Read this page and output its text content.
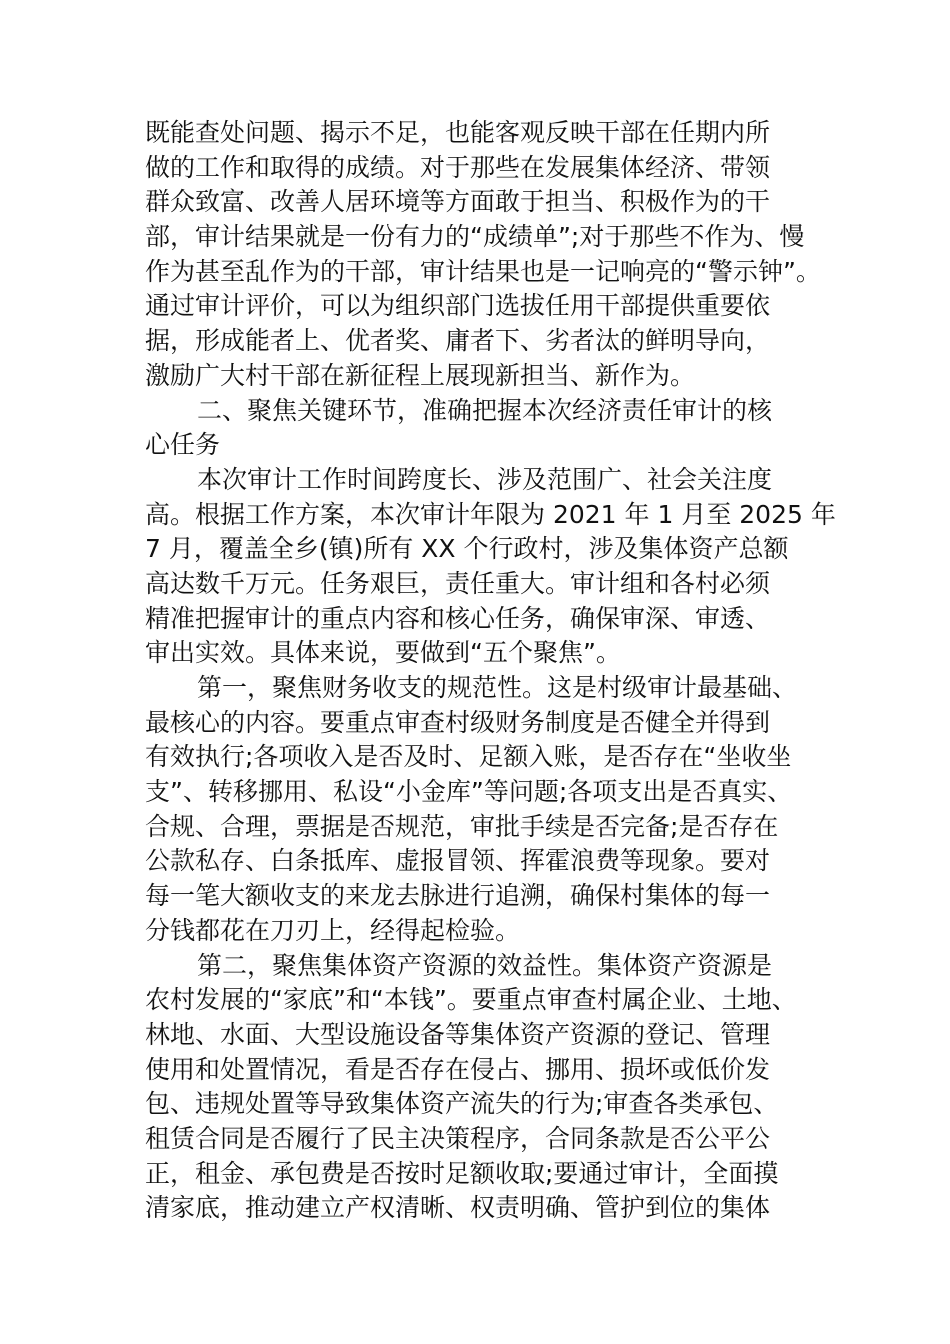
既能查处问题、揭示不足，也能客观反映干部在任期内所
做的工作和取得的成绩。对于那些在发展集体经济、带领
群众致富、改善人居环境等方面敢于担当、积极作为的干
部，审计结果就是一份有力的“成绩单”;对于那些不作为、慢
作为甚至乱作为的干部，审计结果也是一记响亮的“警示钟”。
通过审计评价，可以为组织部门选拔任用干部提供重要依
据，形成能者上、优者奖、庸者下、劣者汰的鲜明导向，
激励广大村干部在新征程上展现新担当、新作为。
二、聚焦关键环节，准确把握本次经济责任审计的核
心任务
本次审计工作时间跨度长、涉及范围广、社会关注度
高。根据工作方案，本次审计年限为 2021 年 1 月至 2025 年
7 月，覆盖全乡(镇)所有 XX 个行政村，涉及集体资产总额
高达数千万元。任务艰巨，责任重大。审计组和各村必须
精准把握审计的重点内容和核心任务，确保审深、审透、
审出实效。具体来说，要做到“五个聚焦”。
第一，聚焦财务收支的规范性。这是村级审计最基础、
最核心的内容。要重点审查村级财务制度是否健全并得到
有效执行;各项收入是否及时、足额入账，是否存在“坐收坐
支”、转移挪用、私设“小金库”等问题;各项支出是否真实、
合规、合理，票据是否规范，审批手续是否完备;是否存在
公款私存、白条抵库、虚报冒领、挥霍浪费等现象。要对
每一笔大额收支的来龙去脉进行追溯，确保村集体的每一
分钱都花在刀刃上，经得起检验。
第二，聚焦集体资产资源的效益性。集体资产资源是
农村发展的“家底”和“本钱”。要重点审查村属企业、土地、
林地、水面、大型设施设备等集体资产资源的登记、管理
使用和处置情况，看是否存在侵占、挪用、损坏或低价发
包、违规处置等导致集体资产流失的行为;审查各类承包、
租赁合同是否履行了民主决策程序，合同条款是否公平公
正，租金、承包费是否按时足额收取;要通过审计，全面摸
清家底，推动建立产权清晰、权责明确、管护到位的集体
